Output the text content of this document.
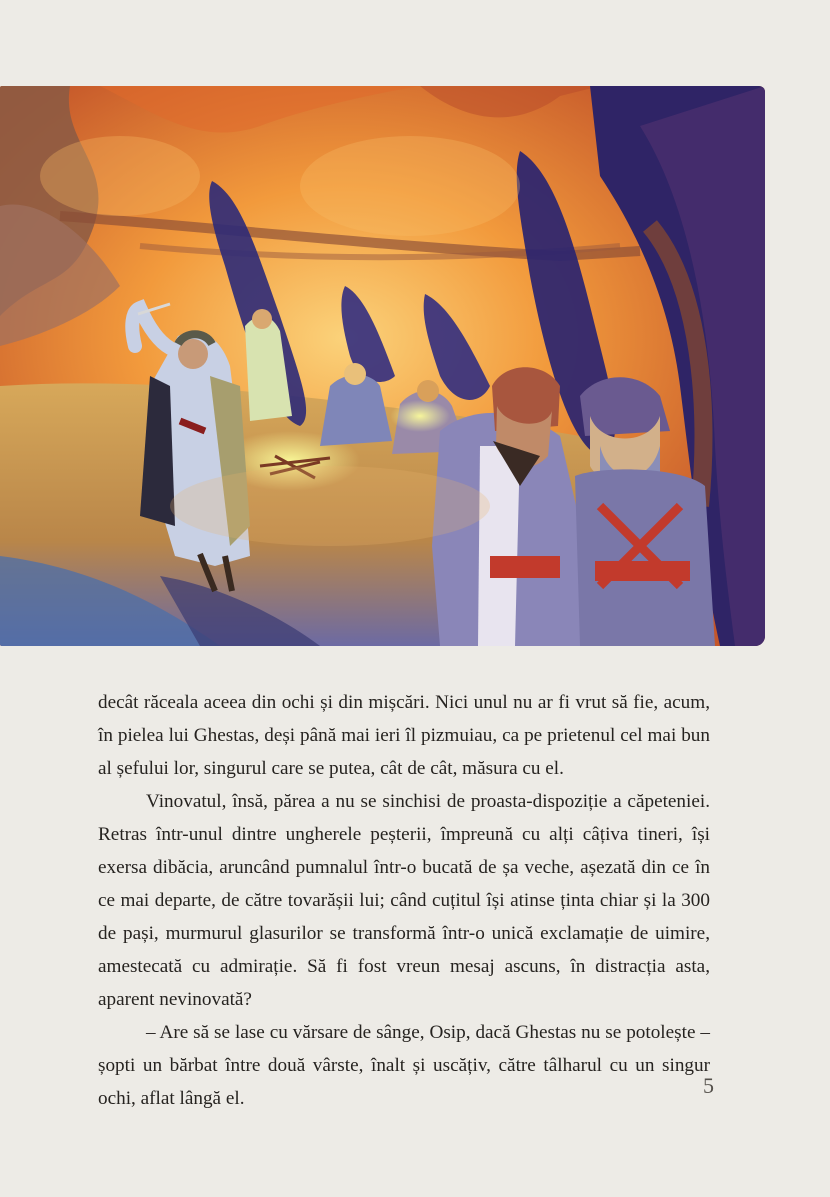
decât răceala aceea din ochi și din mișcări. Nici unul nu ar fi vrut să fie, acum, în pielea lui Ghestas, deși până mai ieri îl pizmuiau, ca pe prietenul cel mai bun al șefului lor, singurul care se putea, cât de cât, măsura cu el.

Vinovatul, însă, părea a nu se sinchisi de proasta-dispoziție a căpeteniei. Retras într-unul dintre ungherele peșterii, împreună cu alți câțiva tineri, își exersa dibăcia, aruncând pumnalul într-o bucată de șa veche, așezată din ce în ce mai departe, de către tovarășii lui; când cuțitul își atinse ținta chiar și la 300 de pași, murmurul glasurilor se transformă într-o unică exclamație de uimire, amestecată cu admirație. Să fi fost vreun mesaj ascuns, în distracția asta, aparent nevinovată?

– Are să se lase cu vărsare de sânge, Osip, dacă Ghestas nu se potolește – șopti un bărbat între două vârste, înalt și uscățiv, către tâlharul cu un singur ochi, aflat lângă el.

5
